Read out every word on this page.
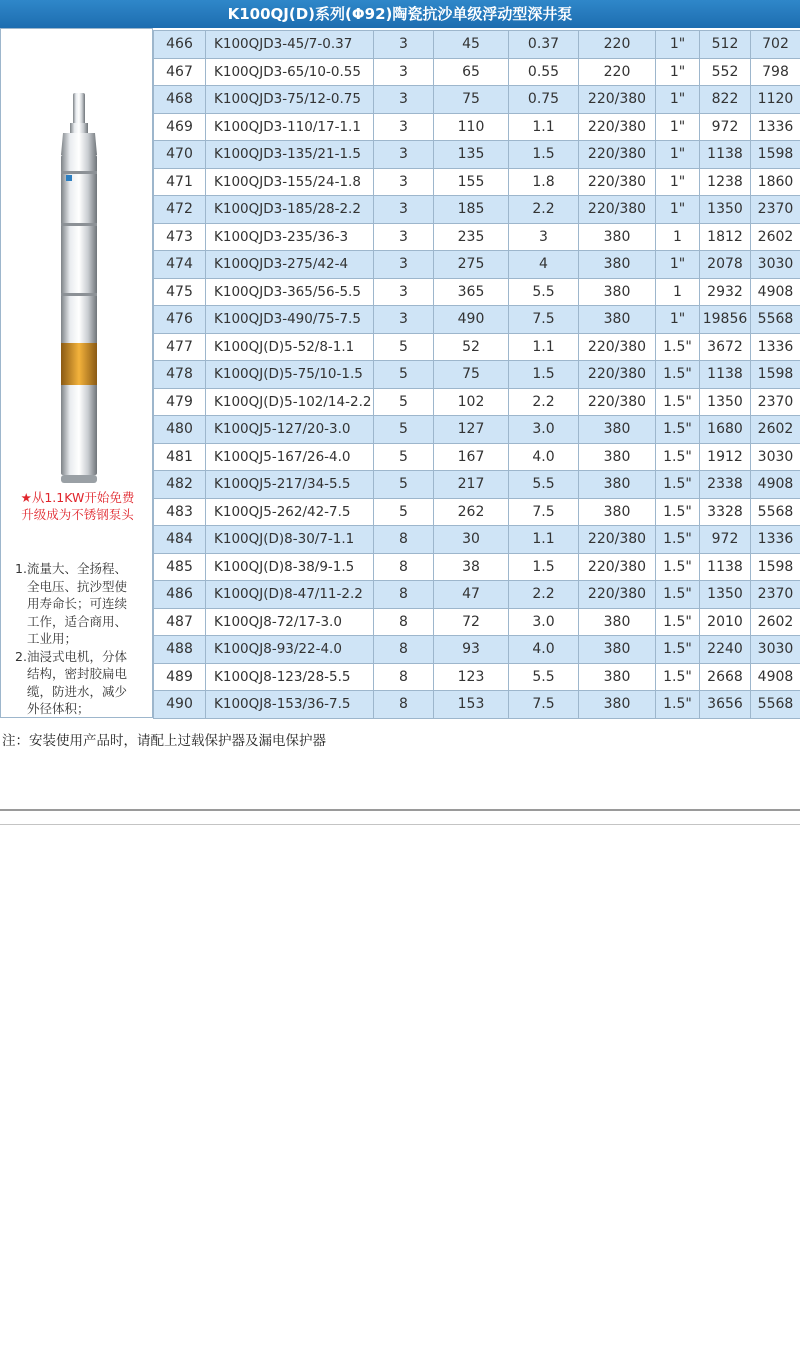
K100QJ(D)系列(Φ92)陶瓷抗沙单级浮动型深井泵
★从1.1KW开始免费
升级成为不锈钢泵头
1. 流量大、全扬程、
全电压、抗沙型使
用寿命长；可连续
工作，适合商用、
工业用；
2. 油浸式电机，分体
结构，密封胶扁电
缆，防进水，减少
外径体积；
466	K100QJD3-45/7-0.37	3	45	0.37	220	1"	512	702
467	K100QJD3-65/10-0.55	3	65	0.55	220	1"	552	798
468	K100QJD3-75/12-0.75	3	75	0.75	220/380	1"	822	1120
469	K100QJD3-110/17-1.1	3	110	1.1	220/380	1"	972	1336
470	K100QJD3-135/21-1.5	3	135	1.5	220/380	1"	1138	1598
471	K100QJD3-155/24-1.8	3	155	1.8	220/380	1"	1238	1860
472	K100QJD3-185/28-2.2	3	185	2.2	220/380	1"	1350	2370
473	K100QJD3-235/36-3	3	235	3	380	1	1812	2602
474	K100QJD3-275/42-4	3	275	4	380	1"	2078	3030
475	K100QJD3-365/56-5.5	3	365	5.5	380	1	2932	4908
476	K100QJD3-490/75-7.5	3	490	7.5	380	1"	19856	5568
477	K100QJ(D)5-52/8-1.1	5	52	1.1	220/380	1.5"	3672	1336
478	K100QJ(D)5-75/10-1.5	5	75	1.5	220/380	1.5"	1138	1598
479	K100QJ(D)5-102/14-2.2	5	102	2.2	220/380	1.5"	1350	2370
480	K100QJ5-127/20-3.0	5	127	3.0	380	1.5"	1680	2602
481	K100QJ5-167/26-4.0	5	167	4.0	380	1.5"	1912	3030
482	K100QJ5-217/34-5.5	5	217	5.5	380	1.5"	2338	4908
483	K100QJ5-262/42-7.5	5	262	7.5	380	1.5"	3328	5568
484	K100QJ(D)8-30/7-1.1	8	30	1.1	220/380	1.5"	972	1336
485	K100QJ(D)8-38/9-1.5	8	38	1.5	220/380	1.5"	1138	1598
486	K100QJ(D)8-47/11-2.2	8	47	2.2	220/380	1.5"	1350	2370
487	K100QJ8-72/17-3.0	8	72	3.0	380	1.5"	2010	2602
488	K100QJ8-93/22-4.0	8	93	4.0	380	1.5"	2240	3030
489	K100QJ8-123/28-5.5	8	123	5.5	380	1.5"	2668	4908
490	K100QJ8-153/36-7.5	8	153	7.5	380	1.5"	3656	5568
注：安装使用产品时，请配上过载保护器及漏电保护器
